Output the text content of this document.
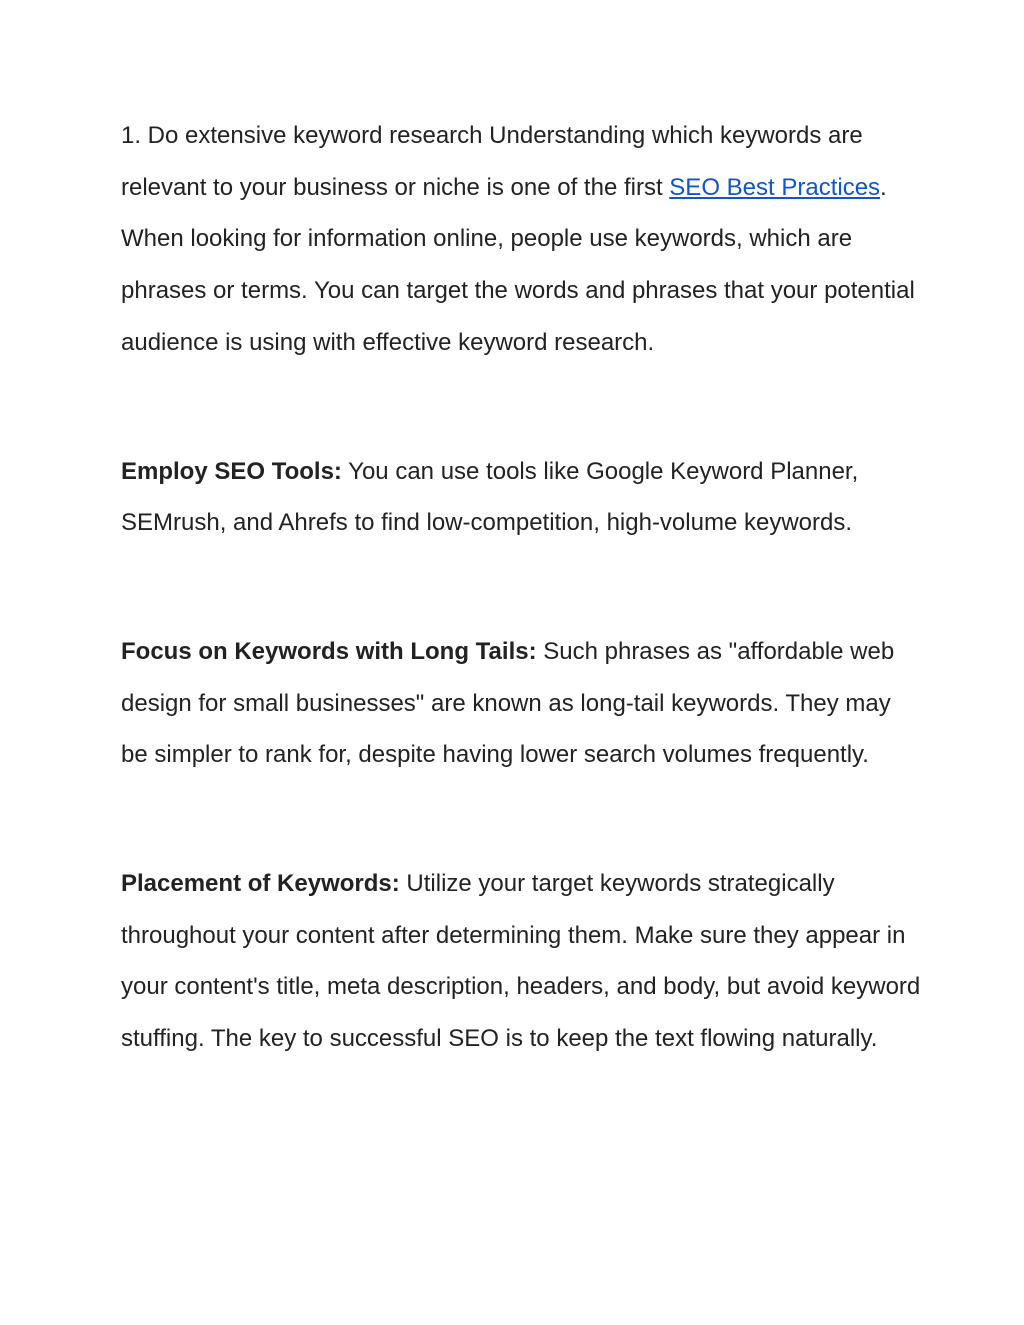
1. Do extensive keyword research Understanding which keywords are relevant to your business or niche is one of the first SEO Best Practices. When looking for information online, people use keywords, which are phrases or terms. You can target the words and phrases that your potential audience is using with effective keyword research.

Employ SEO Tools: You can use tools like Google Keyword Planner, SEMrush, and Ahrefs to find low-competition, high-volume keywords.

Focus on Keywords with Long Tails: Such phrases as "affordable web design for small businesses" are known as long-tail keywords. They may be simpler to rank for, despite having lower search volumes frequently.

Placement of Keywords: Utilize your target keywords strategically throughout your content after determining them. Make sure they appear in your content's title, meta description, headers, and body, but avoid keyword stuffing. The key to successful SEO is to keep the text flowing naturally.
